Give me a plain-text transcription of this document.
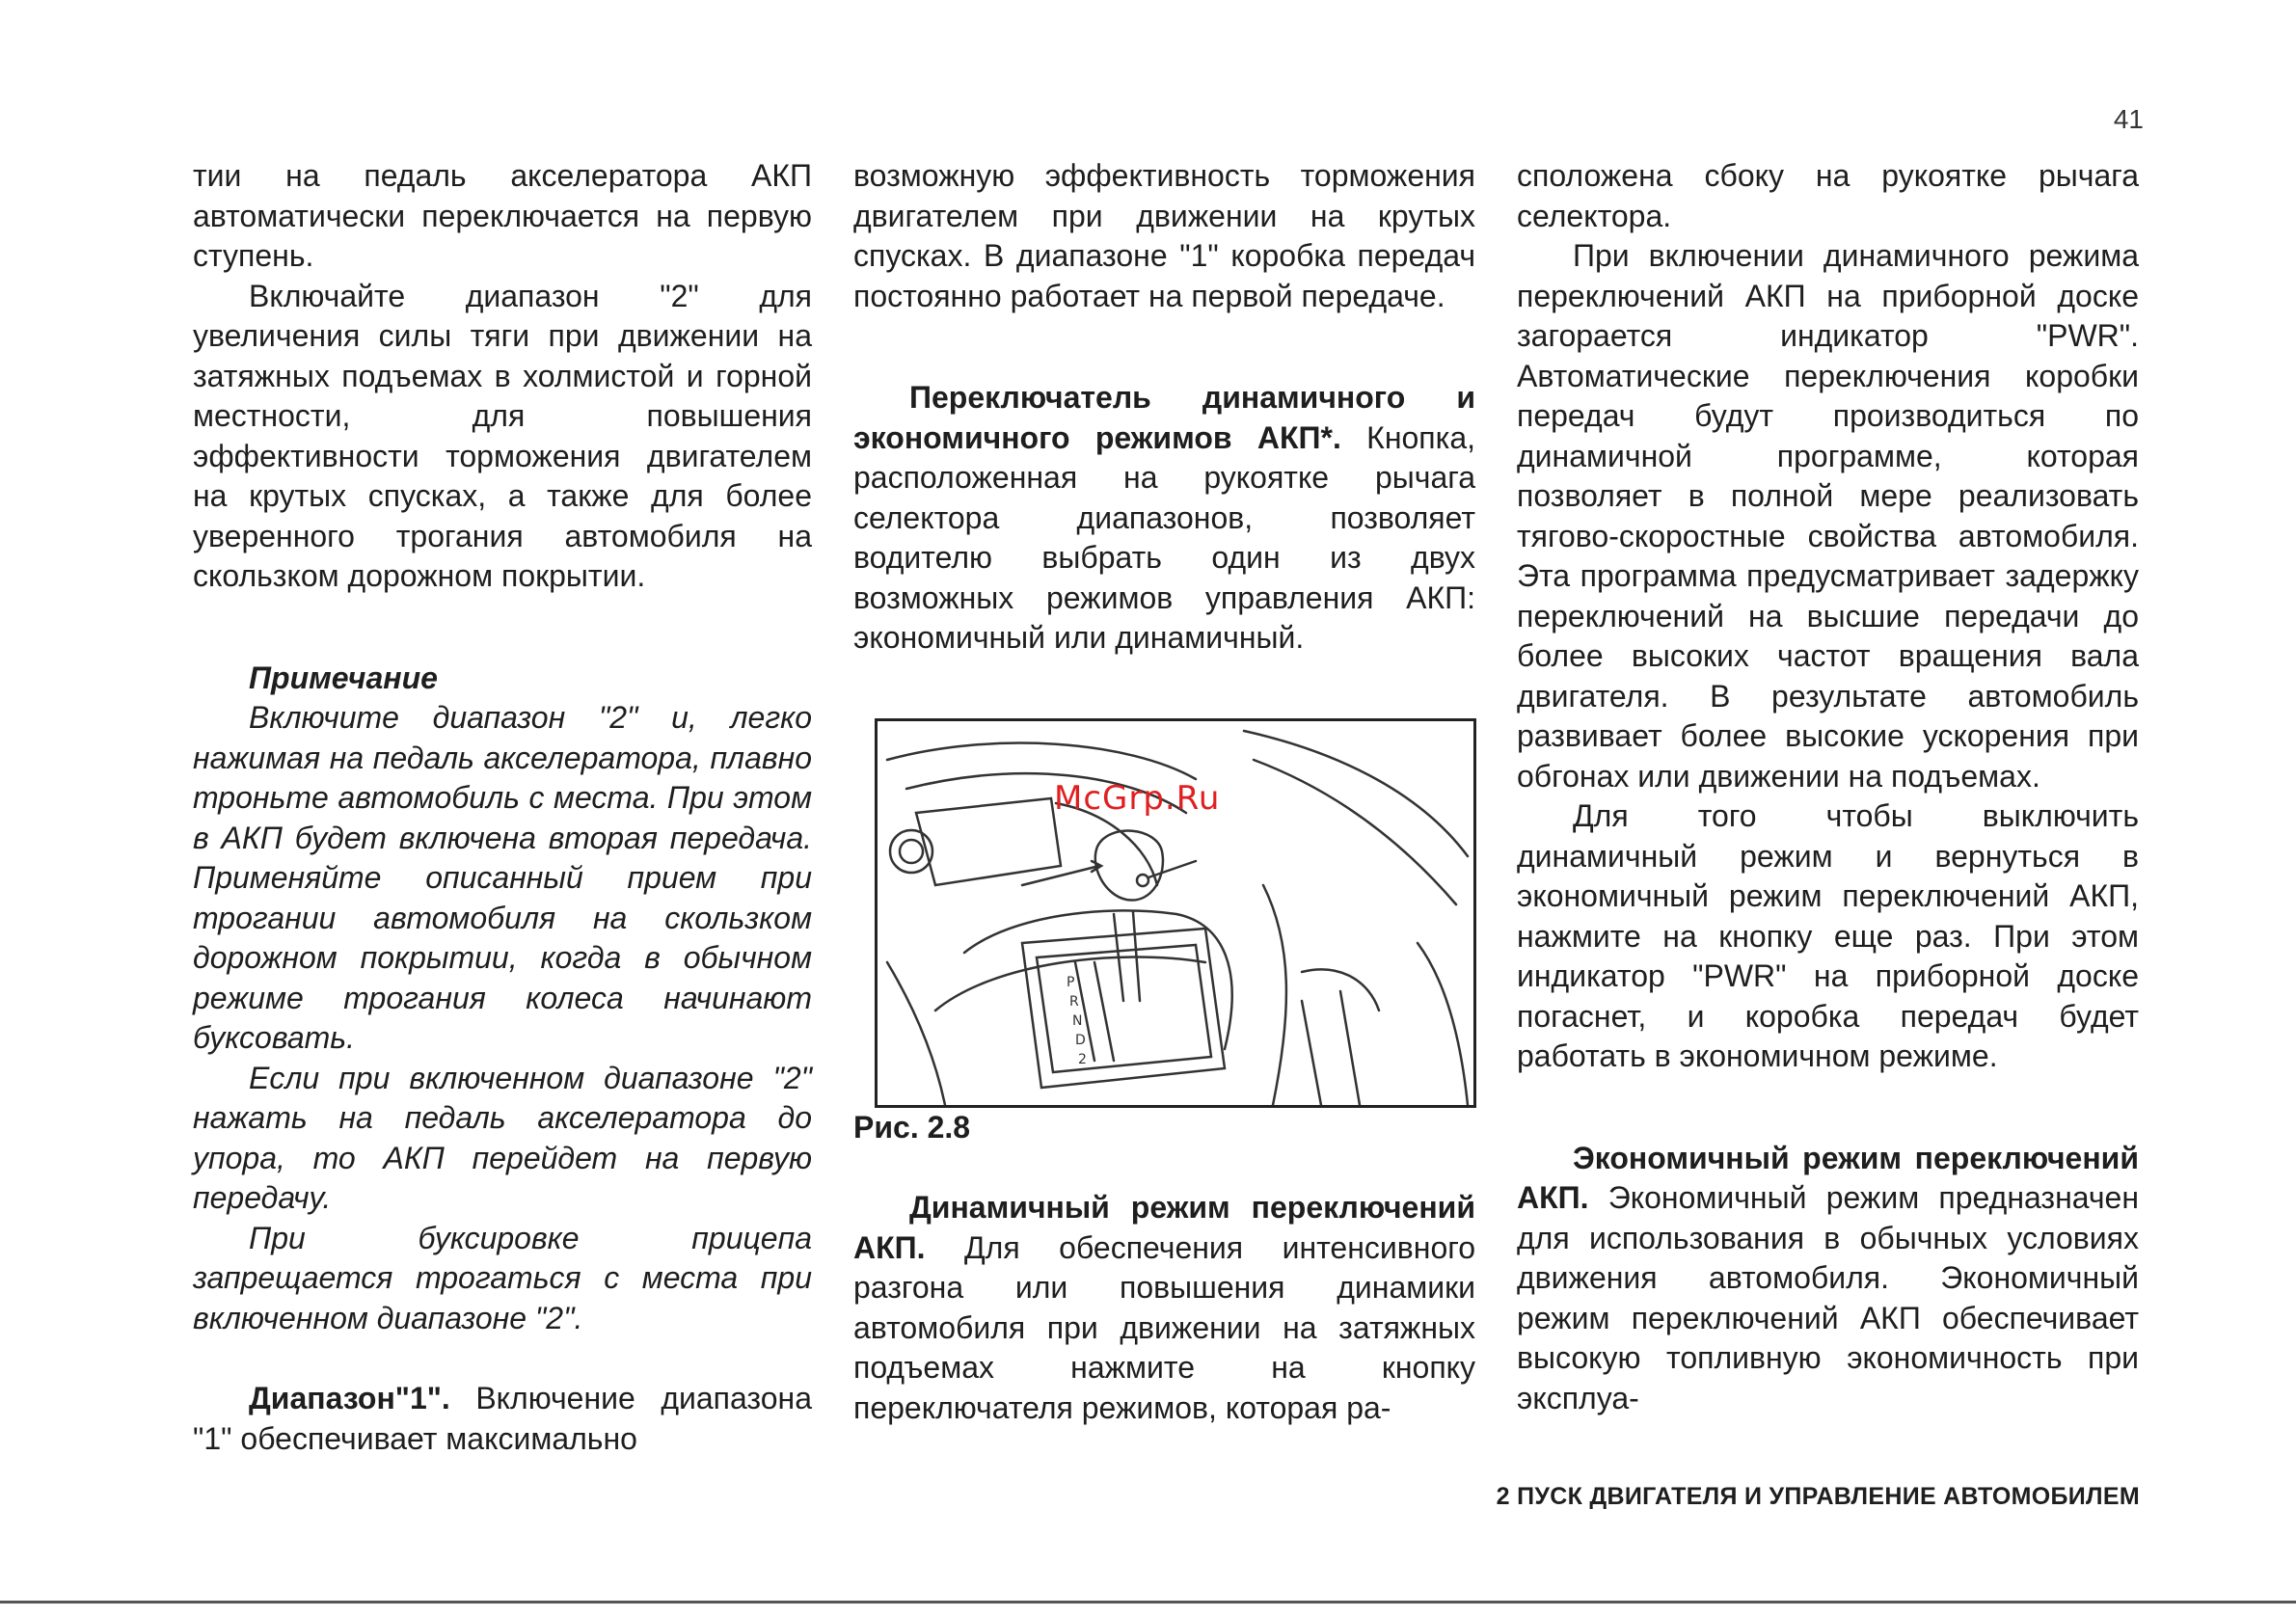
41

тии на педаль акселератора АКП автоматически переключается на первую ступень.

Включайте диапазон "2" для увеличения силы тяги при движении на затяжных подъемах в холмистой и горной местности, для повышения эффективности торможения двигателем на крутых спусках, а также для более уверенного трогания автомобиля на скользком дорожном покрытии.

Примечание

Включите диапазон "2" и, легко нажимая на педаль акселератора, плавно троньте автомобиль с места. При этом в АКП будет включена вторая передача. Применяйте описанный прием при трогании автомобиля на скользком дорожном покрытии, когда в обычном режиме трогания колеса начинают буксовать.

Если при включенном диапазоне "2" нажать на педаль акселератора до упора, то АКП перейдет на первую передачу.

При буксировке прицепа запрещается трогаться с места при включенном диапазоне "2".

Диапазон"1". Включение диапазона "1" обеспечивает максимально

возможную эффективность торможения двигателем при движении на крутых спусках. В диапазоне "1" коробка передач постоянно работает на первой передаче.

Переключатель динамичного и экономичного режимов АКП*. Кнопка, расположенная на рукоятке рычага селектора диапазонов, позволяет водителю выбрать один из двух возможных режимов управления АКП: экономичный или динамичный.

P
R
N
D
2
McGrp.Ru

Рис. 2.8

Динамичный режим переключений АКП. Для обеспечения интенсивного разгона или повышения динамики автомобиля при движении на затяжных подъемах нажмите на кнопку переключателя режимов, которая ра-

сположена сбоку на рукоятке рычага селектора.

При включении динамичного режима переключений АКП на приборной доске загорается индикатор "PWR". Автоматические переключения коробки передач будут производиться по динамичной программе, которая позволяет в полной мере реализовать тягово-скоростные свойства автомобиля. Эта программа предусматривает задержку переключений на высшие передачи до более высоких частот вращения вала двигателя. В результате автомобиль развивает более высокие ускорения при обгонах или движении на подъемах.

Для того чтобы выключить динамичный режим и вернуться в экономичный режим переключений АКП, нажмите на кнопку еще раз. При этом индикатор "PWR" на приборной доске погаснет, и коробка передач будет работать в экономичном режиме.

Экономичный режим переключений АКП. Экономичный режим предназначен для использования в обычных условиях движения автомобиля. Экономичный режим переключений АКП обеспечивает высокую топливную экономичность при эксплуа-

2 ПУСК ДВИГАТЕЛЯ И УПРАВЛЕНИЕ АВТОМОБИЛЕМ
